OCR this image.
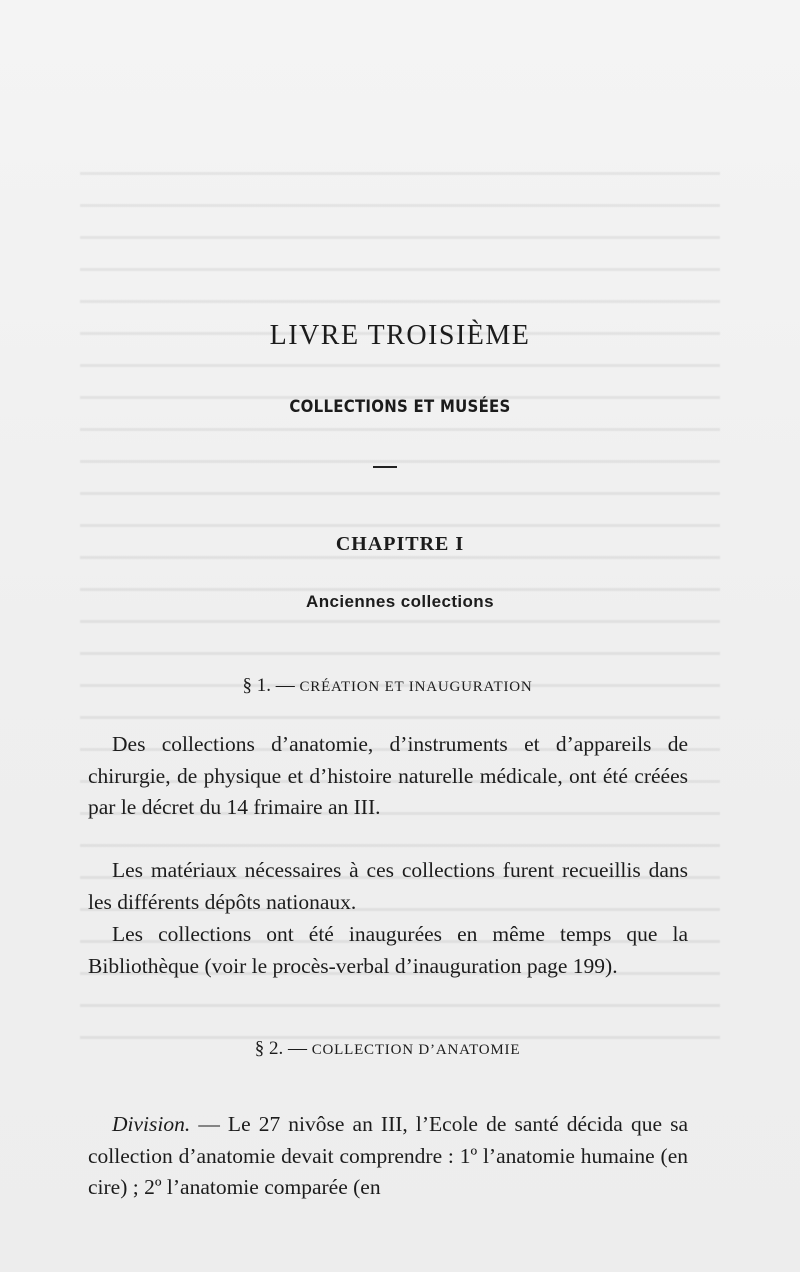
LIVRE TROISIÈME
COLLECTIONS ET MUSÉES
CHAPITRE I
Anciennes collections

§ 1. — CRÉATION ET INAUGURATION

Des collections d’anatomie, d’instruments et d’appareils de chirurgie, de physique et d’histoire naturelle médicale, ont été créées par le décret du 14 frimaire an III.

Les matériaux nécessaires à ces collections furent recueillis dans les différents dépôts nationaux.

Les collections ont été inaugurées en même temps que la Bibliothèque (voir le procès-verbal d’inauguration page 199).

§ 2. — COLLECTION D’ANATOMIE

Division. — Le 27 nivôse an III, l’Ecole de santé décida que sa collection d’anatomie devait comprendre : 1º l’anatomie humaine (en cire) ; 2º l’anatomie comparée (en
